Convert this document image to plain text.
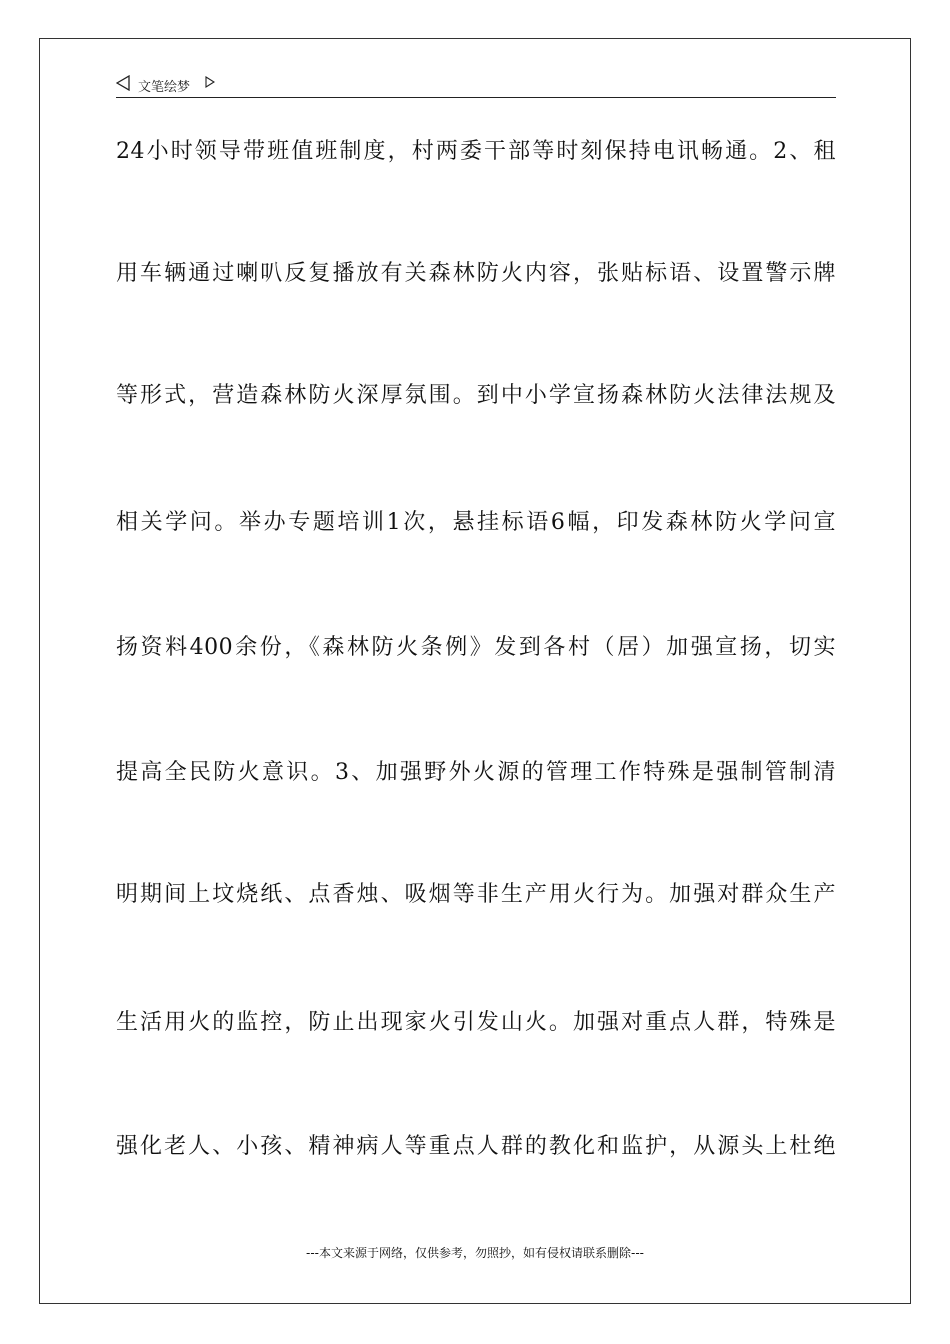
文笔绘梦
24小时领导带班值班制度，村两委干部等时刻保持电讯畅通。2、租
用车辆通过喇叭反复播放有关森林防火内容，张贴标语、设置警示牌
等形式，营造森林防火深厚氛围。到中小学宣扬森林防火法律法规及
相关学问。举办专题培训1次，悬挂标语6幅，印发森林防火学问宣
扬资料400余份，《森林防火条例》发到各村（居）加强宣扬，切实
提高全民防火意识。3、加强野外火源的管理工作特殊是强制管制清
明期间上坟烧纸、点香烛、吸烟等非生产用火行为。加强对群众生产
生活用火的监控，防止出现家火引发山火。加强对重点人群，特殊是
强化老人、小孩、精神病人等重点人群的教化和监护，从源头上杜绝
---本文来源于网络，仅供参考，勿照抄，如有侵权请联系删除---
